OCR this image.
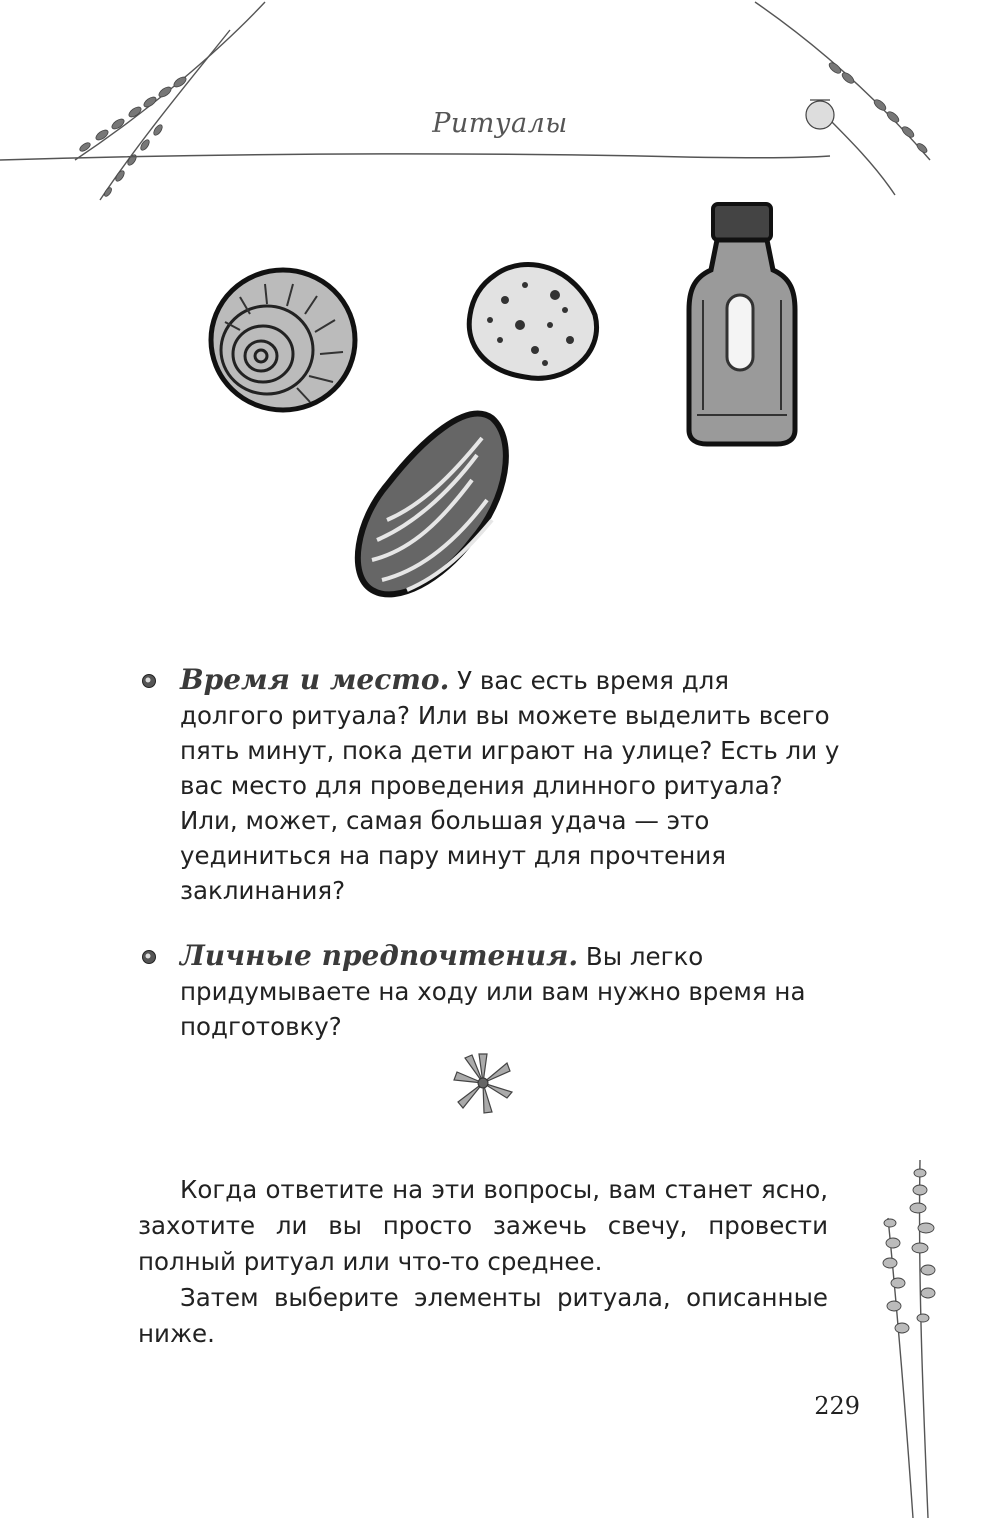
Ритуалы
Время и место. У вас есть время для долгого ритуала? Или вы можете выделить всего пять минут, пока дети играют на улице? Есть ли у вас место для проведения длинного ритуала? Или, может, самая большая удача — это уединиться на пару минут для прочтения заклинания?
Личные предпочтения. Вы легко придумываете на ходу или вам нужно время на подготовку?

Когда ответите на эти вопросы, вам станет ясно, захотите ли вы просто зажечь свечу, провести полный ритуал или что-то среднее.

Затем выберите элементы ритуала, описанные ниже.

229
